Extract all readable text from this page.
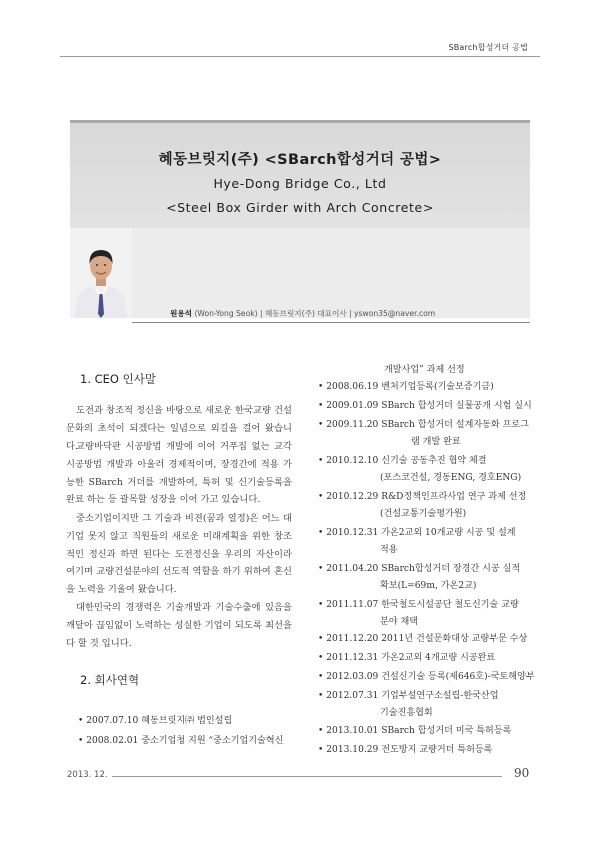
SBarch합성거더 공법
혜동브릿지(주) <SBarch합성거더 공법>
Hye-Dong Bridge Co., Ltd
<Steel Box Girder with Arch Concrete>
원용석 (Won-Yong Seok) | 혜동브릿지(주) 대표이사 | yswon35@naver.com
1. CEO 인사말

도전과 창조적 정신을 바탕으로 새로운 한국교량 건설 문화의 초석이 되겠다는 일념으로 외길을 걸어 왔습니다.

교량바닥판 시공방법 개발에 이어 거푸집 없는 교각 시공방법 개발과 아울러 경제적이며, 장경간에 적용 가능한 SBarch 거더를 개발하여, 특허 및 신기술등록을 완료 하는 등 괄목할 성장을 이어 가고 있습니다.

중소기업이지만 그 기술과 비젼(꿈과 열정)은 어느 대기업 못지 않고 직원들의 새로운 미래계획을 위한 창조적인 정신과 하면 된다는 도전정신을 우리의 자산이라 여기며 교량건설분야의 선도적 역할을 하기 위하여 혼신을 노력을 기울여 왔습니다.

대한민국의 경쟁력은 기술개발과 기술수출에 있음을 깨달아 끊임없이 노력하는 성실한 기업이 되도록 최선을 다 할 것 입니다.

2. 회사연혁
• 2007.07.10 혜동브릿지㈜ 법인설립
• 2008.02.01 중소기업청 지원 “중소기업기술혁신
개발사업” 과제 선정
• 2008.06.19 벤처기업등록(기술보증기금)
• 2009.01.09 SBarch 합성거더 실물공개 시험 실시
• 2009.11.20 SBarch 합성거더 설계자동화 프로그
램 개발 완료
• 2010.12.10 신기술 공동추진 협약 체결
(포스코건설, 경동ENG, 경호ENG)
• 2010.12.29 R&D정책인프라사업 연구 과제 선정
(건설교통기술평가원)
• 2010.12.31 가온2교외 10개교량 시공 및 설계
적용
• 2011.04.20 SBarch합성거더 장경간 시공 실적
확보(L=69m, 가온2교)
• 2011.11.07 한국철도시설공단 철도신기술 교량
분야 채택
• 2011.12.20 2011년 건설문화대상 교량부문 수상
• 2011.12.31 가온2교외 4개교량 시공완료
• 2012.03.09 건설신기술 등록(제646호)-국토해양부
• 2012.07.31 기업부설연구소설립-한국산업
기술진흥협회
• 2013.10.01 SBarch 합성거더 미국 특허등록
• 2013.10.29 전도방지 교량거더 특허등록
2013. 12.	90
